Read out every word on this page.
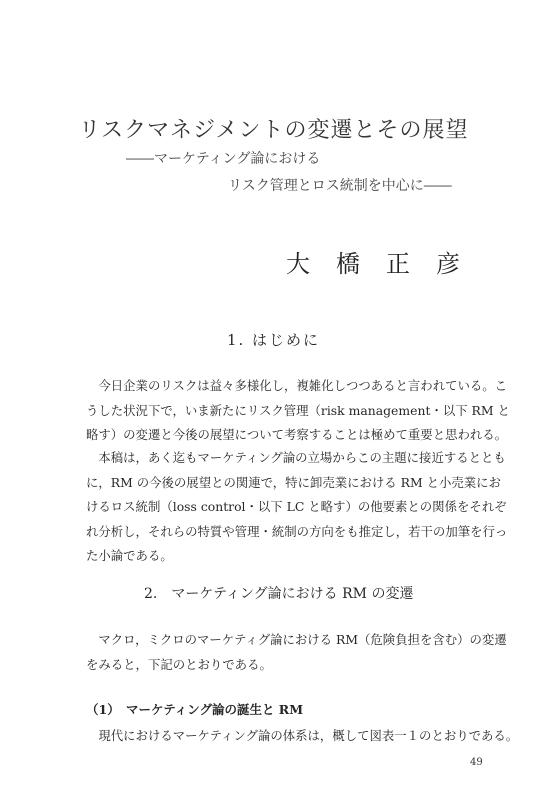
リスクマネジメントの変遷とその展望
――マーケティング論における
リスク管理とロス統制を中心に――
大橋正彦
1. はじめに
　今日企業のリスクは益々多様化し，複雑化しつつあると言われている。こ
うした状況下で，いま新たにリスク管理（risk management・以下 RM と
略す）の変遷と今後の展望について考察することは極めて重要と思われる。
　本稿は，あく迄もマーケティング論の立場からこの主題に接近するととも
に，RM の今後の展望との関連で，特に卸売業における RM と小売業にお
けるロス統制（loss control・以下 LC と略す）の他要素との関係をそれぞ
れ分析し，それらの特質や管理・統制の方向をも推定し，若干の加筆を行っ
た小論である。
2.　マーケティング論における RM の変遷
　マクロ，ミクロのマーケティグ論における RM（危険負担を含む）の変遷
をみると，下記のとおりである。
（1）　マーケティング論の誕生と RM
　現代におけるマーケティング論の体系は，概して図表一１のとおりである。
49
